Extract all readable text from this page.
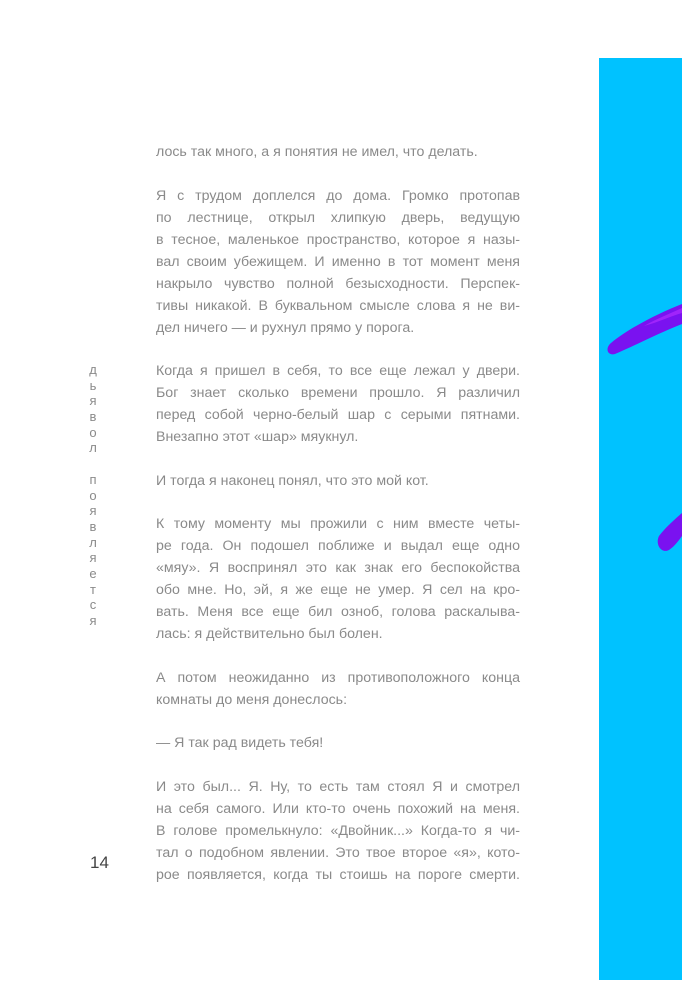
лось так много, а я понятия не имел, что делать.
Я с трудом доплелся до дома. Громко протопав
по лестнице, открыл хлипкую дверь, ведущую
в тесное, маленькое пространство, которое я назы-
вал своим убежищем. И именно в тот момент меня
накрыло чувство полной безысходности. Перспек-
тивы никакой. В буквальном смысле слова я не ви-
дел ничего — и рухнул прямо у порога.
Когда я пришел в себя, то все еще лежал у двери.
Бог знает сколько времени прошло. Я различил
перед собой черно-белый шар с серыми пятнами.
Внезапно этот «шар» мяукнул.
И тогда я наконец понял, что это мой кот.
К тому моменту мы прожили с ним вместе четы-
ре года. Он подошел поближе и выдал еще одно
«мяу». Я воспринял это как знак его беспокойства
обо мне. Но, эй, я же еще не умер. Я сел на кро-
вать. Меня все еще бил озноб, голова раскалыва-
лась: я действительно был болен.
А потом неожиданно из противоположного конца
комнаты до меня донеслось:
— Я так рад видеть тебя!
И это был... Я. Ну, то есть там стоял Я и смотрел
на себя самого. Или кто-то очень похожий на меня.
В голове промелькнуло: «Двойник...» Когда-то я чи-
тал о подобном явлении. Это твое второе «я», кото-
рое появляется, когда ты стоишь на пороге смерти.
д
ь
я
в
о
л
п
о
я
в
л
я
е
т
с
я
14
